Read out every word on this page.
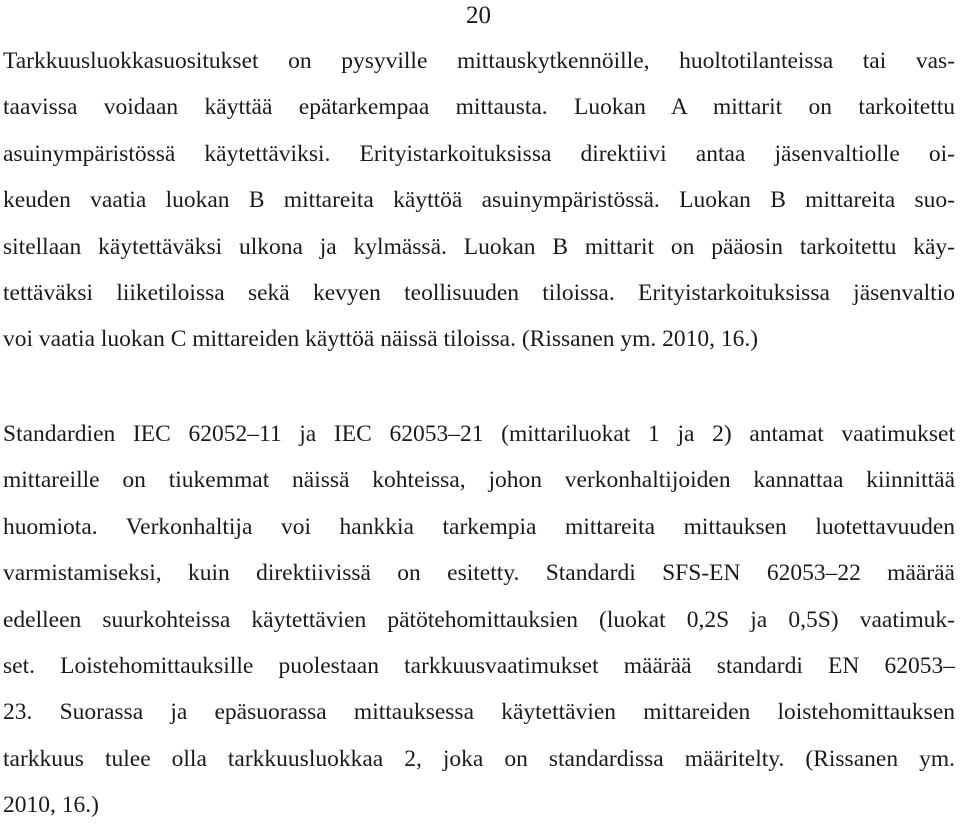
20
Tarkkuusluokkasuositukset on pysyville mittauskytkennöille, huoltotilanteissa tai vas-
taavissa voidaan käyttää epätarkempaa mittausta. Luokan A mittarit on tarkoitettu
asuinympäristössä käytettäviksi. Erityistarkoituksissa direktiivi antaa jäsenvaltiolle oi-
keuden vaatia luokan B mittareita käyttöä asuinympäristössä. Luokan B mittareita suo-
sitellaan käytettäväksi ulkona ja kylmässä. Luokan B mittarit on pääosin tarkoitettu käy-
tettäväksi liiketiloissa sekä kevyen teollisuuden tiloissa. Erityistarkoituksissa jäsenvaltio
voi vaatia luokan C mittareiden käyttöä näissä tiloissa. (Rissanen ym. 2010, 16.)
Standardien IEC 62052–11 ja IEC 62053–21 (mittariluokat 1 ja 2) antamat vaatimukset
mittareille on tiukemmat näissä kohteissa, johon verkonhaltijoiden kannattaa kiinnittää
huomiota. Verkonhaltija voi hankkia tarkempia mittareita mittauksen luotettavuuden
varmistamiseksi, kuin direktiivissä on esitetty. Standardi SFS-EN 62053–22 määrää
edelleen suurkohteissa käytettävien pätötehomittauksien (luokat 0,2S ja 0,5S) vaatimuk-
set. Loistehomittauksille puolestaan tarkkuusvaatimukset määrää standardi EN 62053–
23. Suorassa ja epäsuorassa mittauksessa käytettävien mittareiden loistehomittauksen
tarkkuus tulee olla tarkkuusluokkaa 2, joka on standardissa määritelty. (Rissanen ym.
2010, 16.)
